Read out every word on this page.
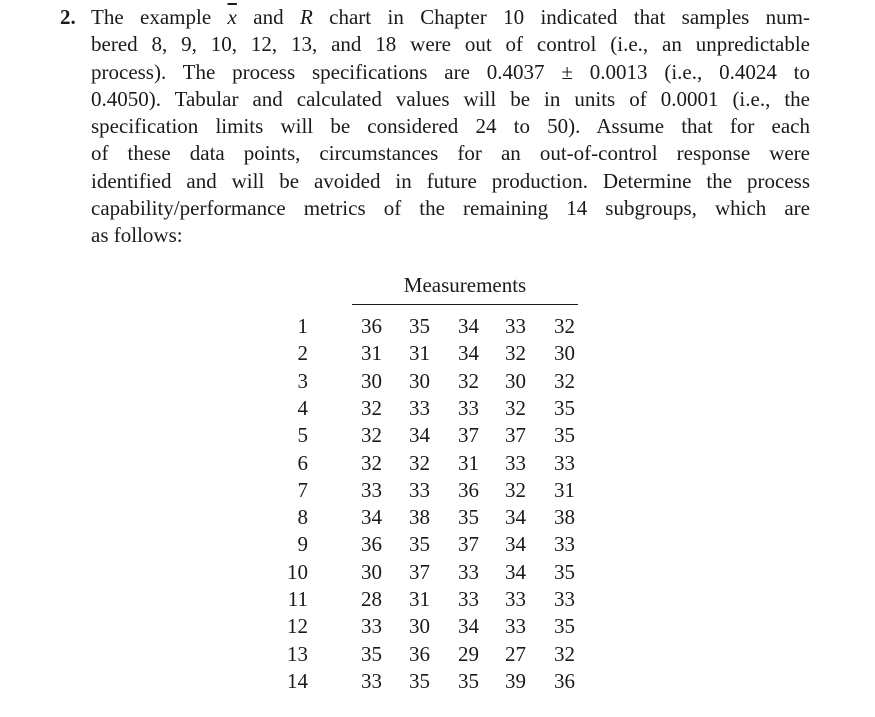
2. The example $\overline{x}$ and R chart in Chapter 10 indicated that samples num-
bered 8, 9, 10, 12, 13, and 18 were out of control (i.e., an unpredictable
process). The process specifications are 0.4037 ± 0.0013 (i.e., 0.4024 to
0.4050). Tabular and calculated values will be in units of 0.0001 (i.e., the
specification limits will be considered 24 to 50). Assume that for each
of these data points, circumstances for an out-of-control response were
identified and will be avoided in future production. Determine the process
capability/performance metrics of the remaining 14 subgroups, which are
as follows:

Measurements
1	36	35	34	33	32
2	31	31	34	32	30
3	30	30	32	30	32
4	32	33	33	32	35
5	32	34	37	37	35
6	32	32	31	33	33
7	33	33	36	32	31
8	34	38	35	34	38
9	36	35	37	34	33
10	30	37	33	34	35
11	28	31	33	33	33
12	33	30	34	33	35
13	35	36	29	27	32
14	33	35	35	39	36
